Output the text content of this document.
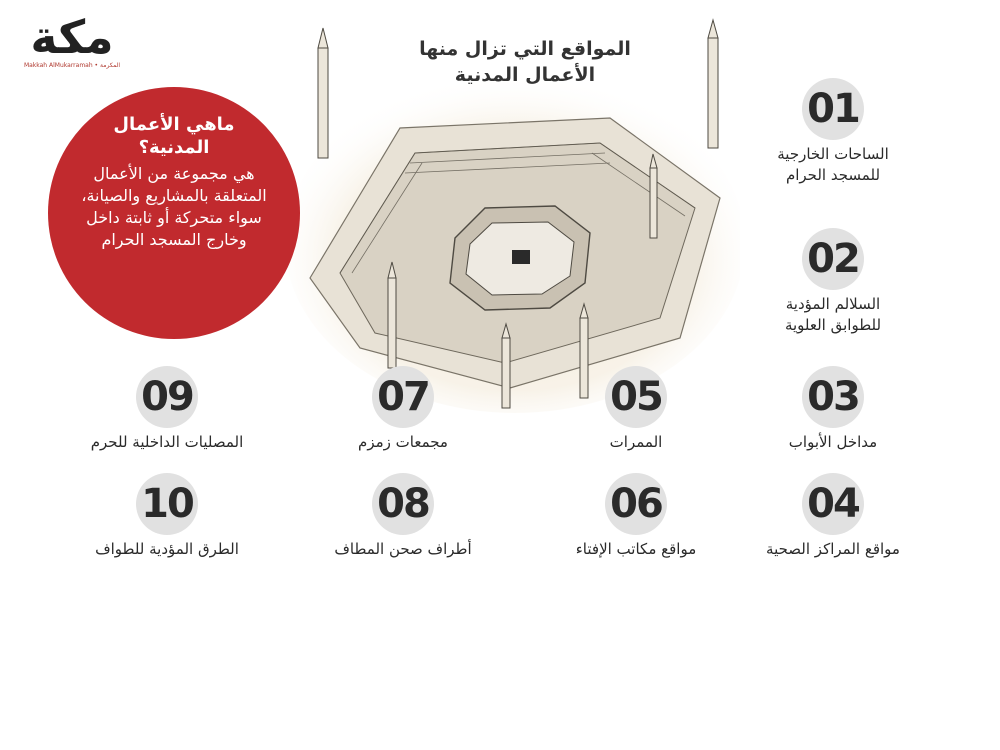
مكة
Makkah AlMukarramah • المكرمة
المواقع التي تزال منها
الأعمال المدنية
ماهي الأعمال المدنية؟
هي مجموعة من الأعمال المتعلقة بالمشاريع والصيانة، سواء متحركة أو ثابتة داخل وخارج المسجد الحرام
01
الساحات الخارجية
للمسجد الحرام
02
السلالم المؤدية
للطوابق العلوية
03
مداخل الأبواب
04
مواقع المراكز الصحية
05
الممرات
06
مواقع مكاتب الإفتاء
07
مجمعات زمزم
08
أطراف صحن المطاف
09
المصليات الداخلية للحرم
10
الطرق المؤدية للطواف
